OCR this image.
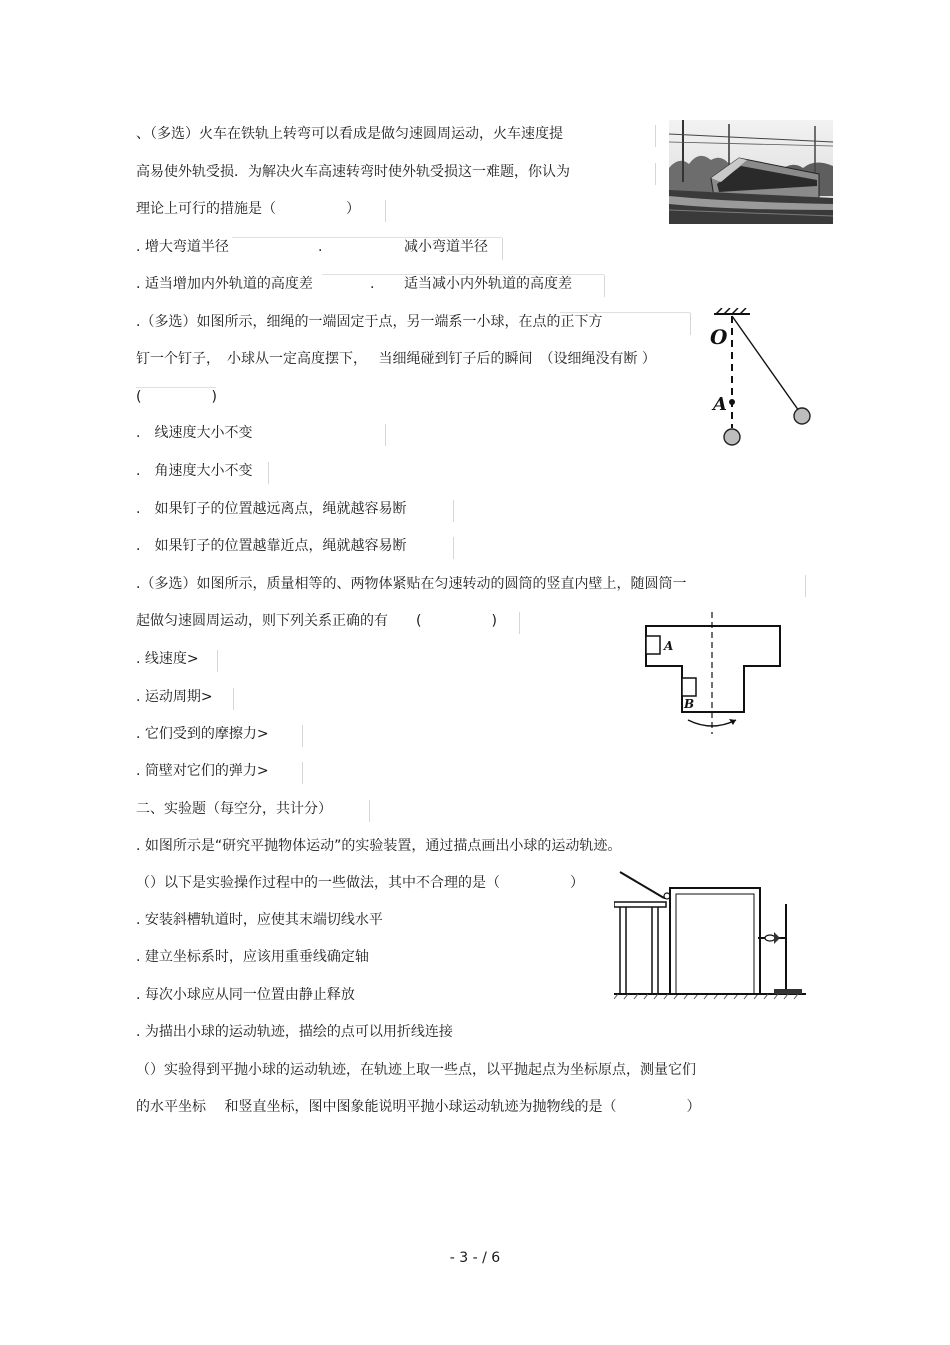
、（多选）火车在铁轨上转弯可以看成是做匀速圆周运动，火车速度提
高易使外轨受损．为解决火车高速转弯时使外轨受损这一难题，你认为
理论上可行的措施是（　　　　　）
. 增大弯道半径	.	减小弯道半径
. 适当增加内外轨道的高度差	. 适当减小内外轨道的高度差
.（多选）如图所示，细绳的一端固定于点，另一端系一小球，在点的正下方
钉一个钉子，　小球从一定高度摆下，　 当细绳碰到钉子后的瞬间　（设细绳没有断 ）
(　　　　　)
.　线速度大小不变
.　角速度大小不变
.　如果钉子的位置越远离点，绳就越容易断
.　如果钉子的位置越靠近点，绳就越容易断
O
A
.（多选）如图所示，质量相等的、两物体紧贴在匀速转动的圆筒的竖直内壁上，随圆筒一
起做匀速圆周运动，则下列关系正确的有　　(　　　　　)
. 线速度>
. 运动周期>
. 它们受到的摩擦力>
. 筒壁对它们的弹力>
A
B
二、实验题（每空分，共计分）
. 如图所示是“研究平抛物体运动”的实验装置，通过描点画出小球的运动轨迹。
（）以下是实验操作过程中的一些做法，其中不合理的是（　　　　　）
. 安装斜槽轨道时，应使其末端切线水平
. 建立坐标系时，应该用重垂线确定轴
. 每次小球应从同一位置由静止释放
. 为描出小球的运动轨迹，描绘的点可以用折线连接
（）实验得到平抛小球的运动轨迹，在轨迹上取一些点，以平抛起点为坐标原点，测量它们
的水平坐标　 和竖直坐标，图中图象能说明平抛小球运动轨迹为抛物线的是（　　　　　）
- 3 - / 6
